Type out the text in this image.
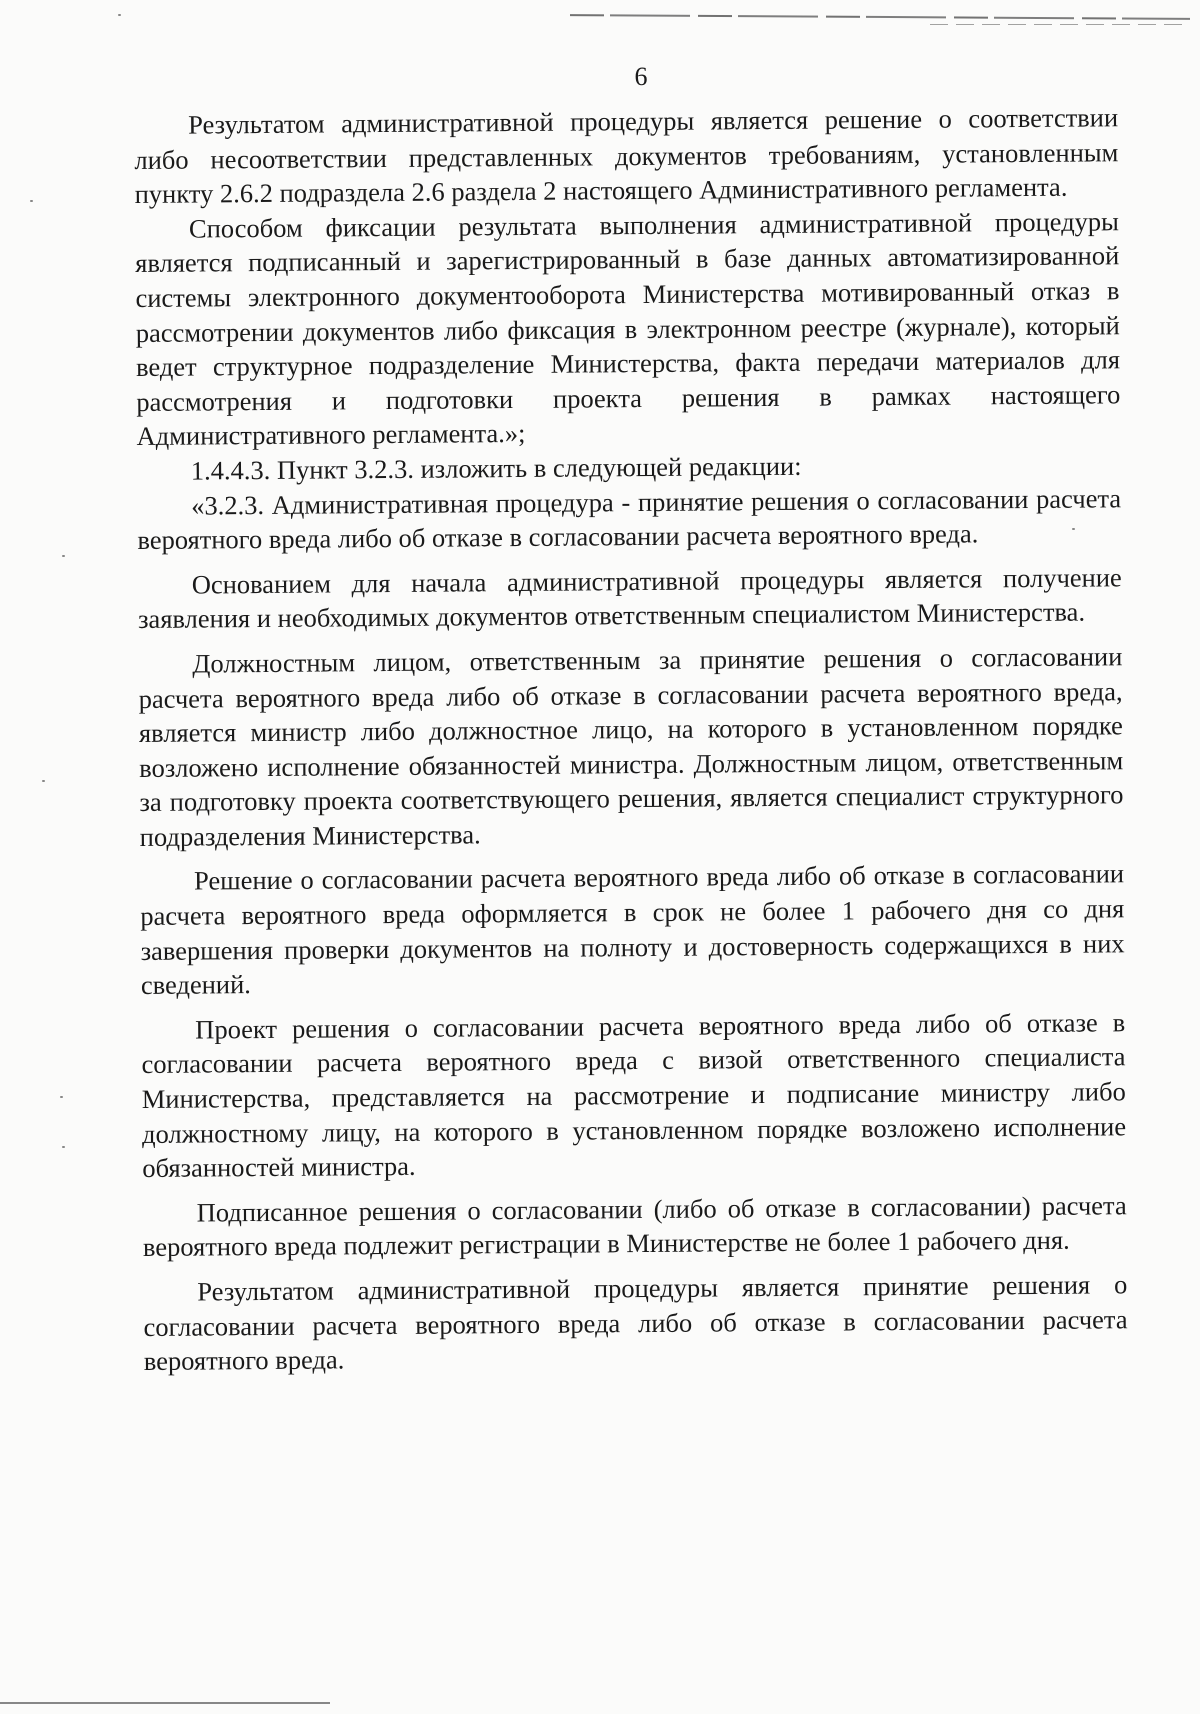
6

Результатом административной процедуры является решение о соответствии либо несоответствии представленных документов требованиям, установленным пункту 2.6.2 подраздела 2.6 раздела 2 настоящего Административного регламента.

Способом фиксации результата выполнения административной процедуры является подписанный и зарегистрированный в базе данных автоматизированной системы электронного документооборота Министерства мотивированный отказ в рассмотрении документов либо фиксация в электронном реестре (журнале), который ведет структурное подразделение Министерства, факта передачи материалов для рассмотрения и подготовки проекта решения в рамках настоящего Административного регламента.»;

1.4.4.3. Пункт 3.2.3. изложить в следующей редакции:

«3.2.3. Административная процедура - принятие решения о согласовании расчета вероятного вреда либо об отказе в согласовании расчета вероятного вреда.

Основанием для начала административной процедуры является получение заявления и необходимых документов ответственным специалистом Министерства.

Должностным лицом, ответственным за принятие решения о согласовании расчета вероятного вреда либо об отказе в согласовании расчета вероятного вреда, является министр либо должностное лицо, на которого в установленном порядке возложено исполнение обязанностей министра. Должностным лицом, ответственным за подготовку проекта соответствующего решения, является специалист структурного подразделения Министерства.

Решение о согласовании расчета вероятного вреда либо об отказе в согласовании расчета вероятного вреда оформляется в срок не более 1 рабочего дня со дня завершения проверки документов на полноту и достоверность содержащихся в них сведений.

Проект решения о согласовании расчета вероятного вреда либо об отказе в согласовании расчета вероятного вреда с визой ответственного специалиста Министерства, представляется на рассмотрение и подписание министру либо должностному лицу, на которого в установленном порядке возложено исполнение обязанностей министра.

Подписанное решения о согласовании (либо об отказе в согласовании) расчета вероятного вреда подлежит регистрации в Министерстве не более 1 рабочего дня.

Результатом административной процедуры является принятие решения о согласовании расчета вероятного вреда либо об отказе в согласовании расчета вероятного вреда.
